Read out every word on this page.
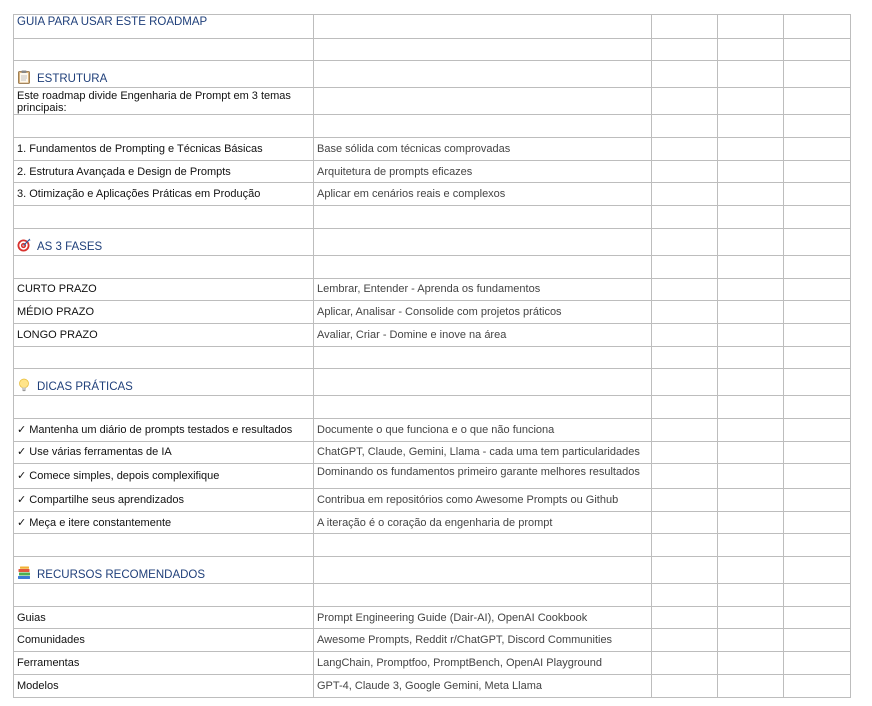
GUIA PARA USAR ESTE ROADMAP				

ESTRUTURA				
Este roadmap divide Engenharia de Prompt em 3 temas principais:				

1. Fundamentos de Prompting e Técnicas Básicas	Base sólida com técnicas comprovadas			
2. Estrutura Avançada e Design de Prompts	Arquitetura de prompts eficazes			
3. Otimização e Aplicações Práticas em Produção	Aplicar em cenários reais e complexos			

AS 3 FASES				

CURTO PRAZO	Lembrar, Entender - Aprenda os fundamentos			
MÉDIO PRAZO	Aplicar, Analisar - Consolide com projetos práticos			
LONGO PRAZO	Avaliar, Criar - Domine e inove na área			

DICAS PRÁTICAS				

✓ Mantenha um diário de prompts testados e resultados	Documente o que funciona e o que não funciona			
✓ Use várias ferramentas de IA	ChatGPT, Claude, Gemini, Llama - cada uma tem particularidades			
✓ Comece simples, depois complexifique	Dominando os fundamentos primeiro garante melhores resultados			
✓ Compartilhe seus aprendizados	Contribua em repositórios como Awesome Prompts ou Github			
✓ Meça e itere constantemente	A iteração é o coração da engenharia de prompt			

RECURSOS RECOMENDADOS				

Guias	Prompt Engineering Guide (Dair-AI), OpenAI Cookbook			
Comunidades	Awesome Prompts, Reddit r/ChatGPT, Discord Communities			
Ferramentas	LangChain, Promptfoo, PromptBench, OpenAI Playground			
Modelos	GPT-4, Claude 3, Google Gemini, Meta Llama			
